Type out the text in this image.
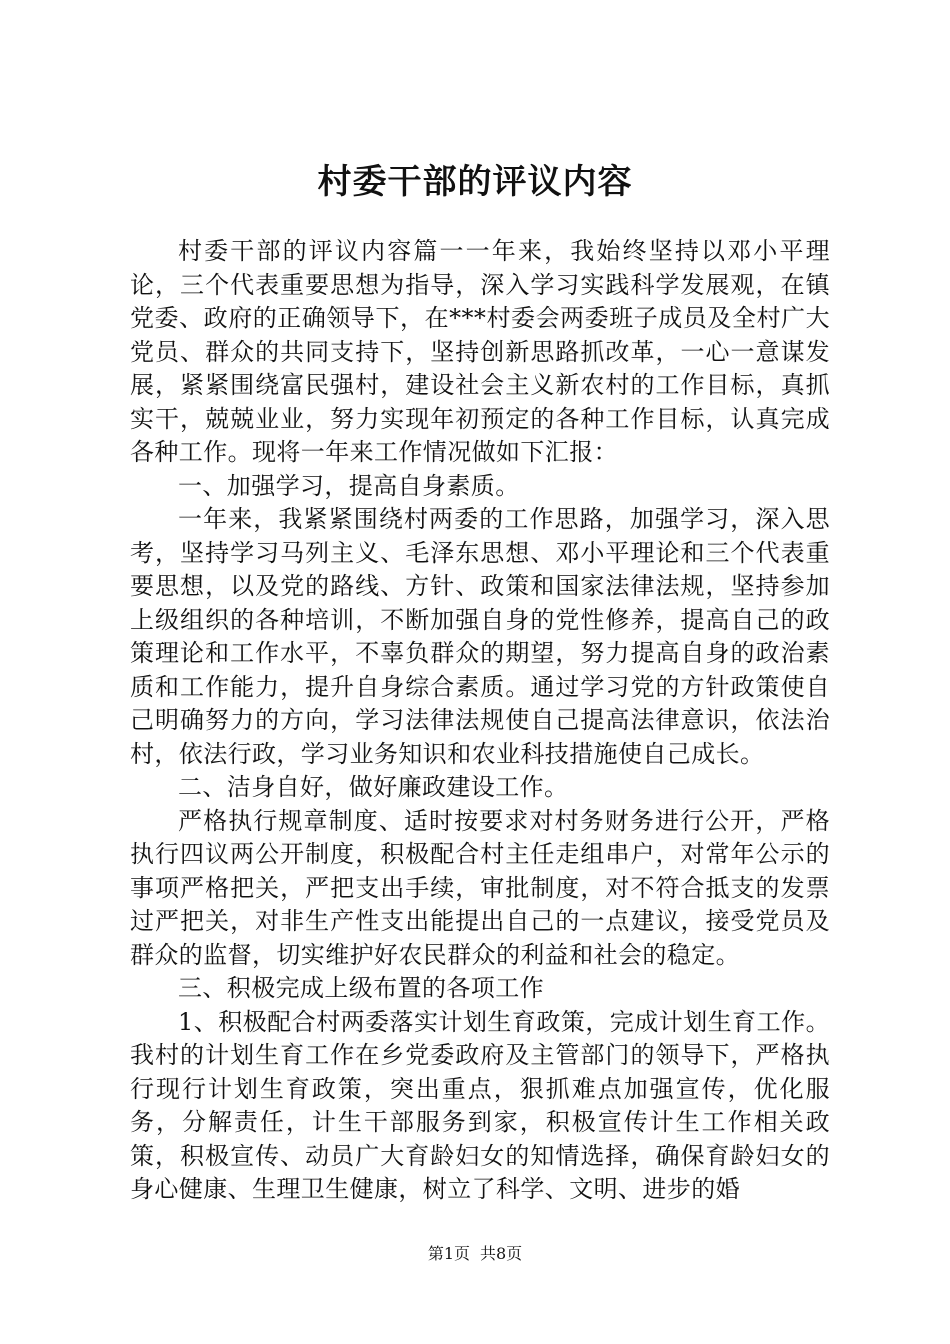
村委干部的评议内容

村委干部的评议内容篇一一年来，我始终坚持以邓小平理论，三个代表重要思想为指导，深入学习实践科学发展观，在镇党委、政府的正确领导下，在***村委会两委班子成员及全村广大党员、群众的共同支持下，坚持创新思路抓改革，一心一意谋发展，紧紧围绕富民强村，建设社会主义新农村的工作目标，真抓实干，兢兢业业，努力实现年初预定的各种工作目标，认真完成各种工作。现将一年来工作情况做如下汇报：

一、加强学习，提高自身素质。

一年来，我紧紧围绕村两委的工作思路，加强学习，深入思考，坚持学习马列主义、毛泽东思想、邓小平理论和三个代表重要思想，以及党的路线、方针、政策和国家法律法规，坚持参加上级组织的各种培训，不断加强自身的党性修养，提高自己的政策理论和工作水平，不辜负群众的期望，努力提高自身的政治素质和工作能力，提升自身综合素质。通过学习党的方针政策使自己明确努力的方向，学习法律法规使自己提高法律意识，依法治村，依法行政，学习业务知识和农业科技措施使自己成长。

二、洁身自好，做好廉政建设工作。

严格执行规章制度、适时按要求对村务财务进行公开，严格执行四议两公开制度，积极配合村主任走组串户，对常年公示的事项严格把关，严把支出手续，审批制度，对不符合抵支的发票过严把关，对非生产性支出能提出自己的一点建议，接受党员及群众的监督，切实维护好农民群众的利益和社会的稳定。

三、积极完成上级布置的各项工作

1、积极配合村两委落实计划生育政策，完成计划生育工作。我村的计划生育工作在乡党委政府及主管部门的领导下，严格执行现行计划生育政策，突出重点，狠抓难点加强宣传，优化服务，分解责任，计生干部服务到家，积极宣传计生工作相关政策，积极宣传、动员广大育龄妇女的知情选择，确保育龄妇女的身心健康、生理卫生健康，树立了科学、文明、进步的婚

第1页 共8页
